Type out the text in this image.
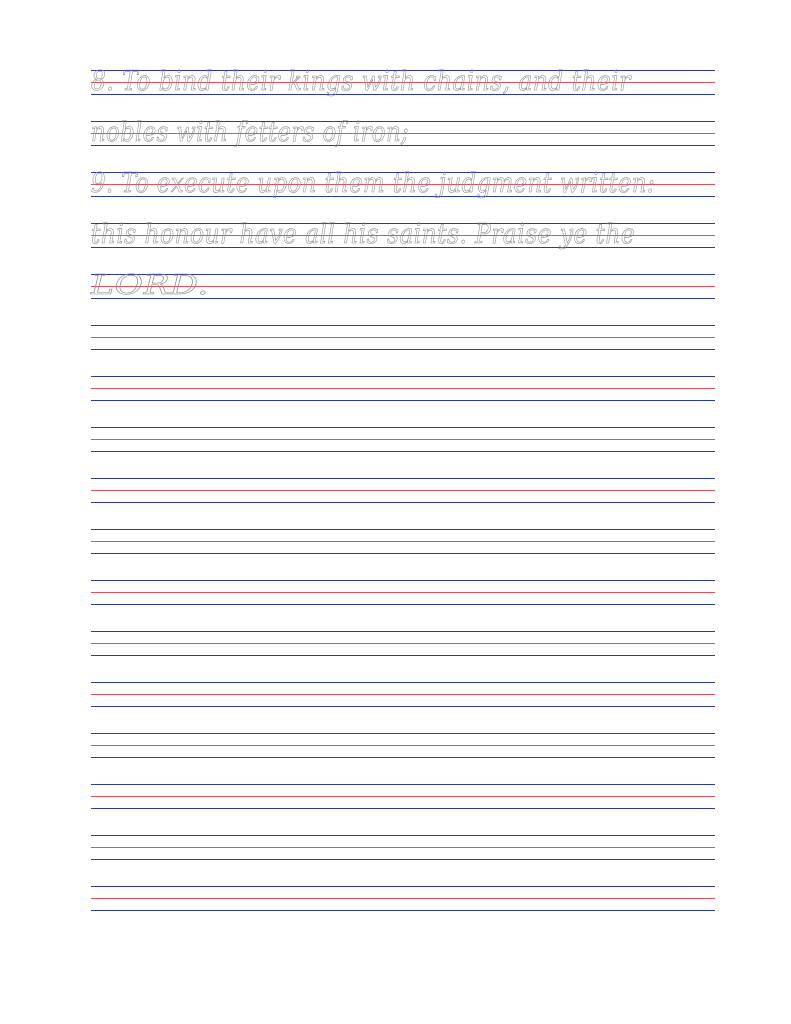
8. To bind their kings with chains, and their
nobles with fetters of iron;
9. To execute upon them the judgment written:
this honour have all his saints. Praise ye the
LORD.
